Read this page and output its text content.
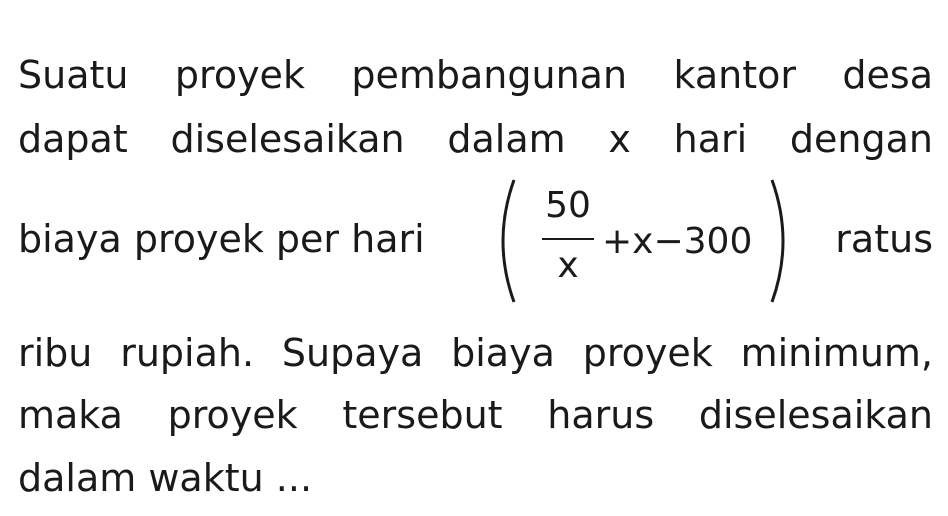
Suatu proyek pembangunan kantor desa
dapat diselesaikan dalam x hari dengan
biaya proyek per hari
50
x
+x−300 ratus
ribu rupiah. Supaya biaya proyek minimum,
maka proyek tersebut harus diselesaikan
dalam waktu ...
